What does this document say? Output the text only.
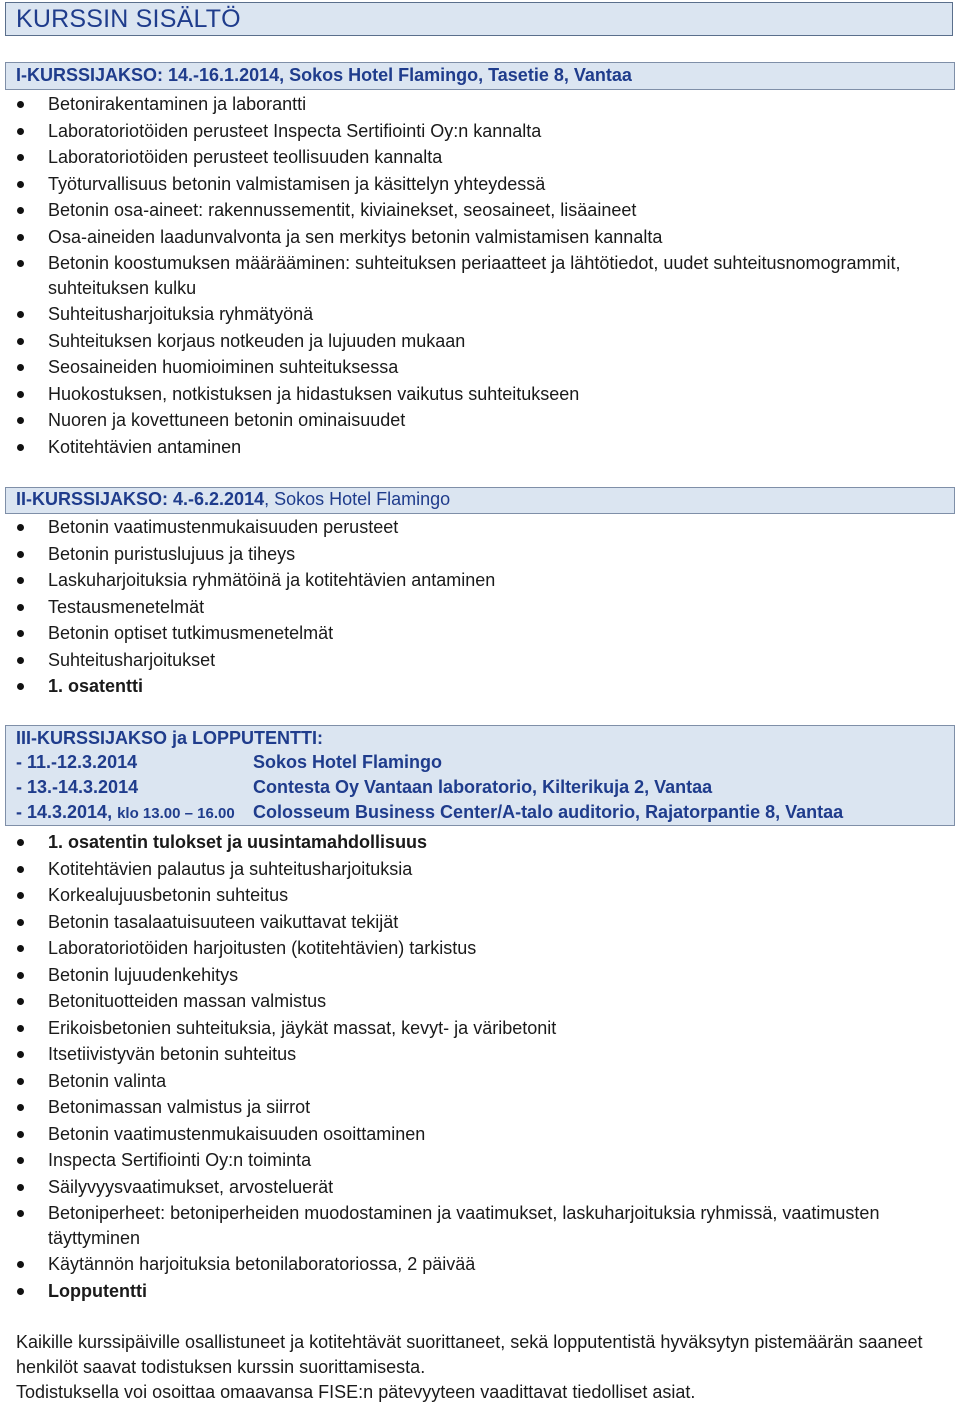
KURSSIN SISÄLTÖ
I-KURSSIJAKSO: 14.-16.1.2014, Sokos Hotel Flamingo, Tasetie 8, Vantaa
Betonirakentaminen ja laborantti
Laboratoriotöiden perusteet Inspecta Sertifiointi Oy:n kannalta
Laboratoriotöiden perusteet teollisuuden kannalta
Työturvallisuus betonin valmistamisen ja käsittelyn yhteydessä
Betonin osa-aineet: rakennussementit, kiviainekset, seosaineet, lisäaineet
Osa-aineiden laadunvalvonta ja sen merkitys betonin valmistamisen kannalta
Betonin koostumuksen määrääminen: suhteituksen periaatteet ja lähtötiedot, uudet suhteitusnomogrammit, suhteituksen kulku
Suhteitusharjoituksia ryhmätyönä
Suhteituksen korjaus notkeuden ja lujuuden mukaan
Seosaineiden huomioiminen suhteituksessa
Huokostuksen, notkistuksen ja hidastuksen vaikutus suhteitukseen
Nuoren ja kovettuneen betonin ominaisuudet
Kotitehtävien antaminen
II-KURSSIJAKSO: 4.-6.2.2014, Sokos Hotel Flamingo
Betonin vaatimustenmukaisuuden perusteet
Betonin puristuslujuus ja tiheys
Laskuharjoituksia ryhmätöinä ja kotitehtävien antaminen
Testausmenetelmät
Betonin optiset tutkimusmenetelmät
Suhteitusharjoitukset
1. osatentti
III-KURSSIJAKSO ja LOPPUTENTTI:
- 11.-12.3.2014	Sokos Hotel Flamingo
- 13.-14.3.2014	Contesta Oy Vantaan laboratorio, Kilterikuja 2, Vantaa
- 14.3.2014, klo 13.00 – 16.00 Colosseum Business Center/A-talo auditorio, Rajatorpantie 8, Vantaa
1. osatentin tulokset ja uusintamahdollisuus
Kotitehtävien palautus ja suhteitusharjoituksia
Korkealujuusbetonin suhteitus
Betonin tasalaatuisuuteen vaikuttavat tekijät
Laboratoriotöiden harjoitusten (kotitehtävien) tarkistus
Betonin lujuudenkehitys
Betonituotteiden massan valmistus
Erikoisbetonien suhteituksia, jäykät massat, kevyt- ja väribetonit
Itsetiivistyvän betonin suhteitus
Betonin valinta
Betonimassan valmistus ja siirrot
Betonin vaatimustenmukaisuuden osoittaminen
Inspecta Sertifiointi Oy:n toiminta
Säilyvyysvaatimukset, arvosteluerät
Betoniperheet: betoniperheiden muodostaminen ja vaatimukset, laskuharjoituksia ryhmissä, vaatimusten täyttyminen
Käytännön harjoituksia betonilaboratoriossa, 2 päivää
Lopputentti

Kaikille kurssipäiville osallistuneet ja kotitehtävät suorittaneet, sekä lopputentistä hyväksytyn pistemäärän saaneet henkilöt saavat todistuksen kurssin suorittamisesta.

Todistuksella voi osoittaa omaavansa FISE:n pätevyyteen vaadittavat tiedolliset asiat.
